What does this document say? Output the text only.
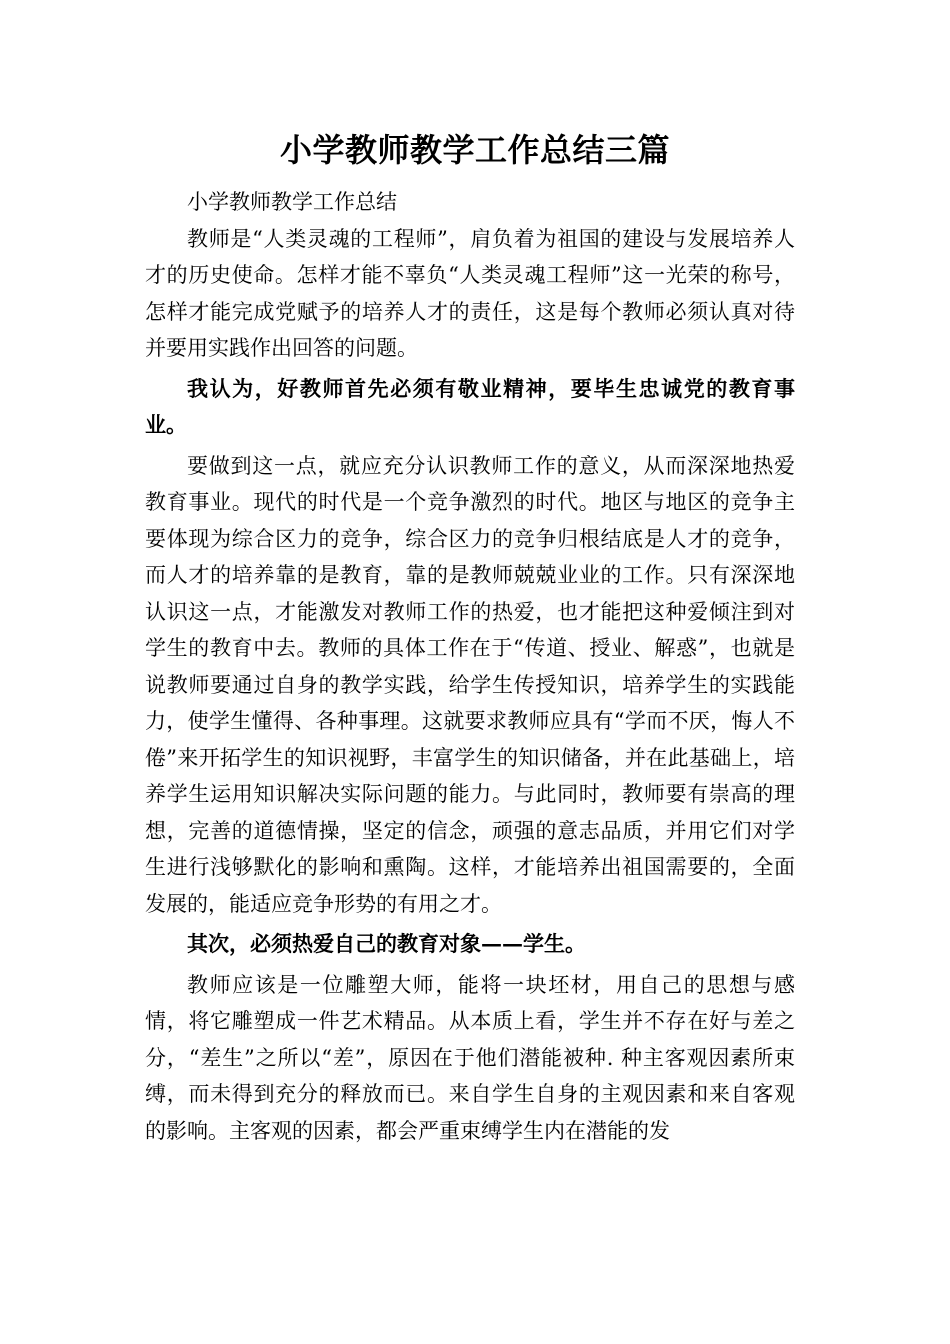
小学教师教学工作总结三篇

小学教师教学工作总结

教师是“人类灵魂的工程师”，肩负着为祖国的建设与发展培养人才的历史使命。怎样才能不辜负“人类灵魂工程师”这一光荣的称号，怎样才能完成党赋予的培养人才的责任，这是每个教师必须认真对待并要用实践作出回答的问题。

我认为，好教师首先必须有敬业精神，要毕生忠诚党的教育事业。

要做到这一点，就应充分认识教师工作的意义，从而深深地热爱教育事业。现代的时代是一个竞争激烈的时代。地区与地区的竞争主要体现为综合区力的竞争，综合区力的竞争归根结底是人才的竞争，而人才的培养靠的是教育，靠的是教师兢兢业业的工作。只有深深地认识这一点，才能激发对教师工作的热爱，也才能把这种爱倾注到对学生的教育中去。教师的具体工作在于“传道、授业、解惑”，也就是说教师要通过自身的教学实践，给学生传授知识，培养学生的实践能力，使学生懂得、各种事理。这就要求教师应具有“学而不厌，悔人不倦”来开拓学生的知识视野，丰富学生的知识储备，并在此基础上，培养学生运用知识解决实际问题的能力。与此同时，教师要有崇高的理想，完善的道德情操，坚定的信念，顽强的意志品质，并用它们对学生进行浅够默化的影响和熏陶。这样，才能培养出祖国需要的，全面发展的，能适应竞争形势的有用之才。

其次，必须热爱自己的教育对象——学生。

教师应该是一位雕塑大师，能将一块坯材，用自己的思想与感情，将它雕塑成一件艺术精品。从本质上看，学生并不存在好与差之分，“差生”之所以“差”，原因在于他们潜能被种. 种主客观因素所束缚，而未得到充分的释放而已。来自学生自身的主观因素和来自客观的影响。主客观的因素，都会严重束缚学生内在潜能的发
